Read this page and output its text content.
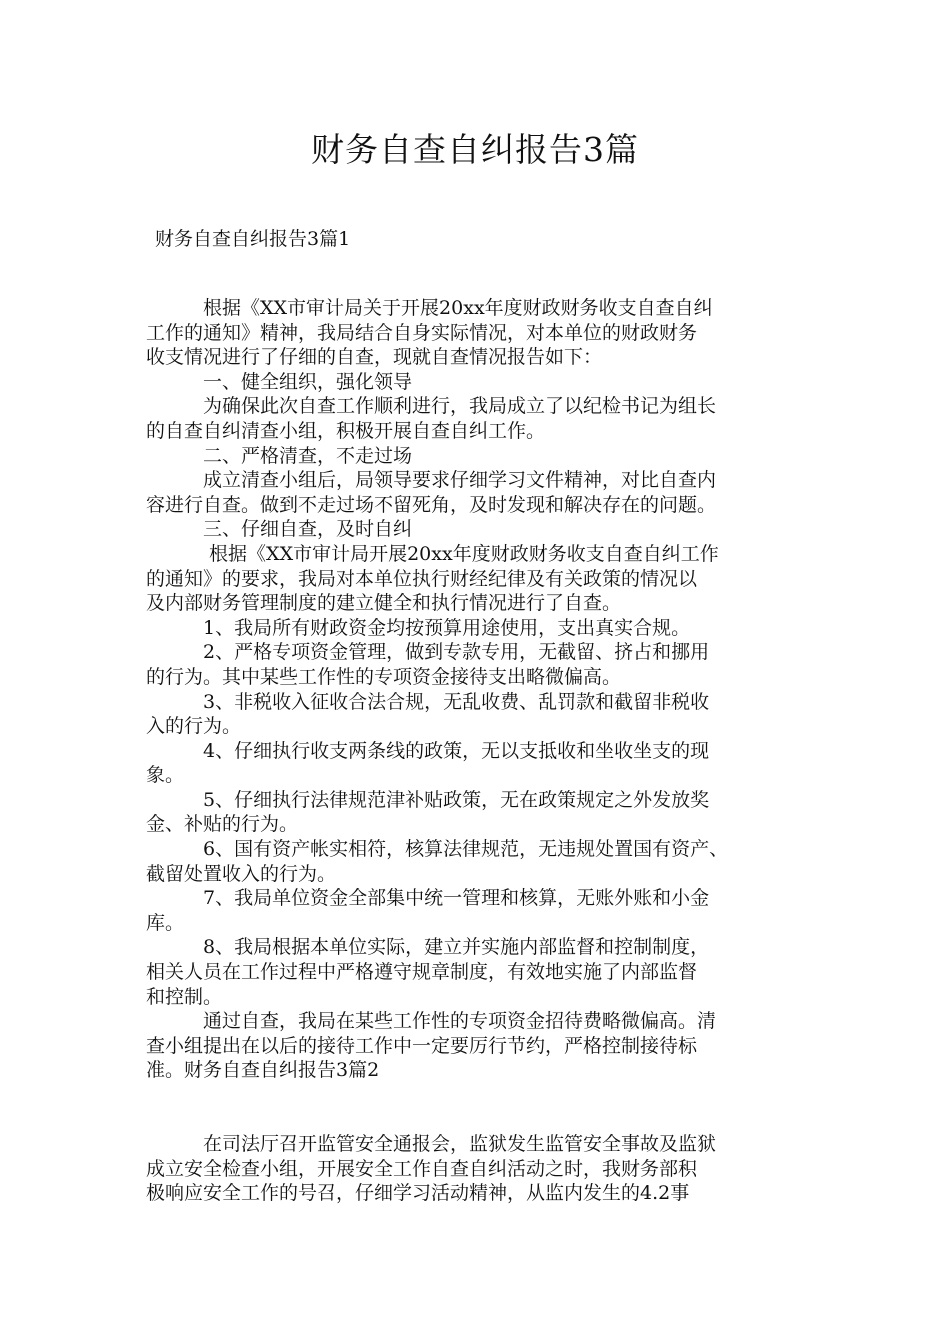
财务自查自纠报告3篇

财务自查自纠报告3篇1

　　　根据《XX市审计局关于开展20xx年度财政财务收支自查自纠

工作的通知》精神，我局结合自身实际情况，对本单位的财政财务

收支情况进行了仔细的自查，现就自查情况报告如下：

　　　一、健全组织，强化领导

　　　为确保此次自查工作顺利进行，我局成立了以纪检书记为组长

的自查自纠清查小组，积极开展自查自纠工作。

　　　二、严格清查，不走过场

　　　成立清查小组后，局领导要求仔细学习文件精神，对比自查内

容进行自查。做到不走过场不留死角，及时发现和解决存在的问题。

　　　三、仔细自查，及时自纠

　　　 根据《XX市审计局开展20xx年度财政财务收支自查自纠工作

的通知》的要求，我局对本单位执行财经纪律及有关政策的情况以

及内部财务管理制度的建立健全和执行情况进行了自查。

　　　1、我局所有财政资金均按预算用途使用，支出真实合规。

　　　2、严格专项资金管理，做到专款专用，无截留、挤占和挪用

的行为。其中某些工作性的专项资金接待支出略微偏高。

　　　3、非税收入征收合法合规，无乱收费、乱罚款和截留非税收

入的行为。

　　　4、仔细执行收支两条线的政策，无以支抵收和坐收坐支的现

象。

　　　5、仔细执行法律规范津补贴政策，无在政策规定之外发放奖

金、补贴的行为。

　　　6、国有资产帐实相符，核算法律规范，无违规处置国有资产、

截留处置收入的行为。

　　　7、我局单位资金全部集中统一管理和核算，无账外账和小金

库。

　　　8、我局根据本单位实际，建立并实施内部监督和控制制度，

相关人员在工作过程中严格遵守规章制度，有效地实施了内部监督

和控制。

　　　通过自查，我局在某些工作性的专项资金招待费略微偏高。清

查小组提出在以后的接待工作中一定要厉行节约，严格控制接待标

准。财务自查自纠报告3篇2

　　　在司法厅召开监管安全通报会，监狱发生监管安全事故及监狱

成立安全检查小组，开展安全工作自查自纠活动之时，我财务部积

极响应安全工作的号召，仔细学习活动精神，从监内发生的4.2事
